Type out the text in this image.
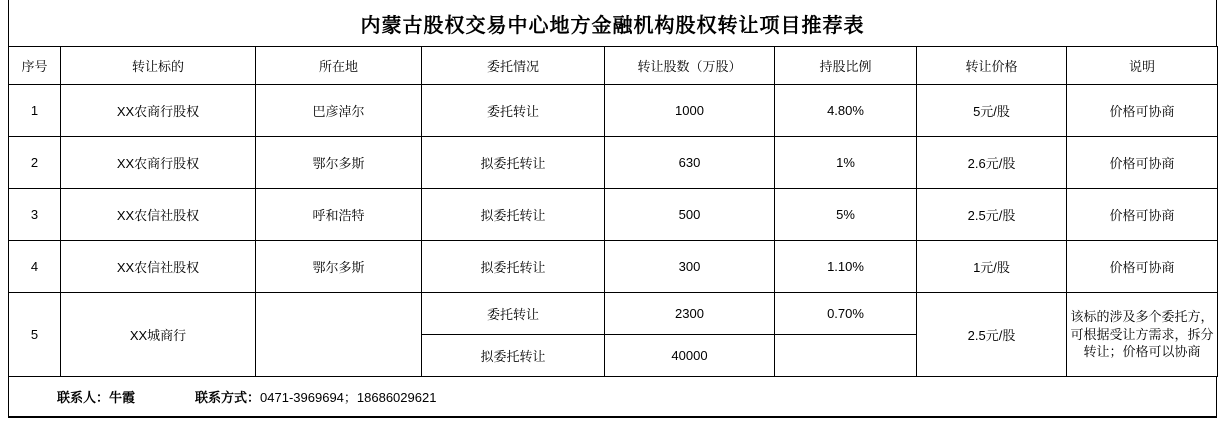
内蒙古股权交易中心地方金融机构股权转让项目推荐表
序号	转让标的	所在地	委托情况	转让股数（万股）	持股比例	转让价格	说明
1	XX农商行股权	巴彦淖尔	委托转让	1000	4.80%	5元/股	价格可协商
2	XX农商行股权	鄂尔多斯	拟委托转让	630	1%	2.6元/股	价格可协商
3	XX农信社股权	呼和浩特	拟委托转让	500	5%	2.5元/股	价格可协商
4	XX农信社股权	鄂尔多斯	拟委托转让	300	1.10%	1元/股	价格可协商
5	XX城商行		委托转让	2300	0.70%	2.5元/股	该标的涉及多个委托方，可根据受让方需求，拆分转让；价格可以协商
			拟委托转让	40000			
联系人：牛霞	联系方式：0471-3969694；18686029621
